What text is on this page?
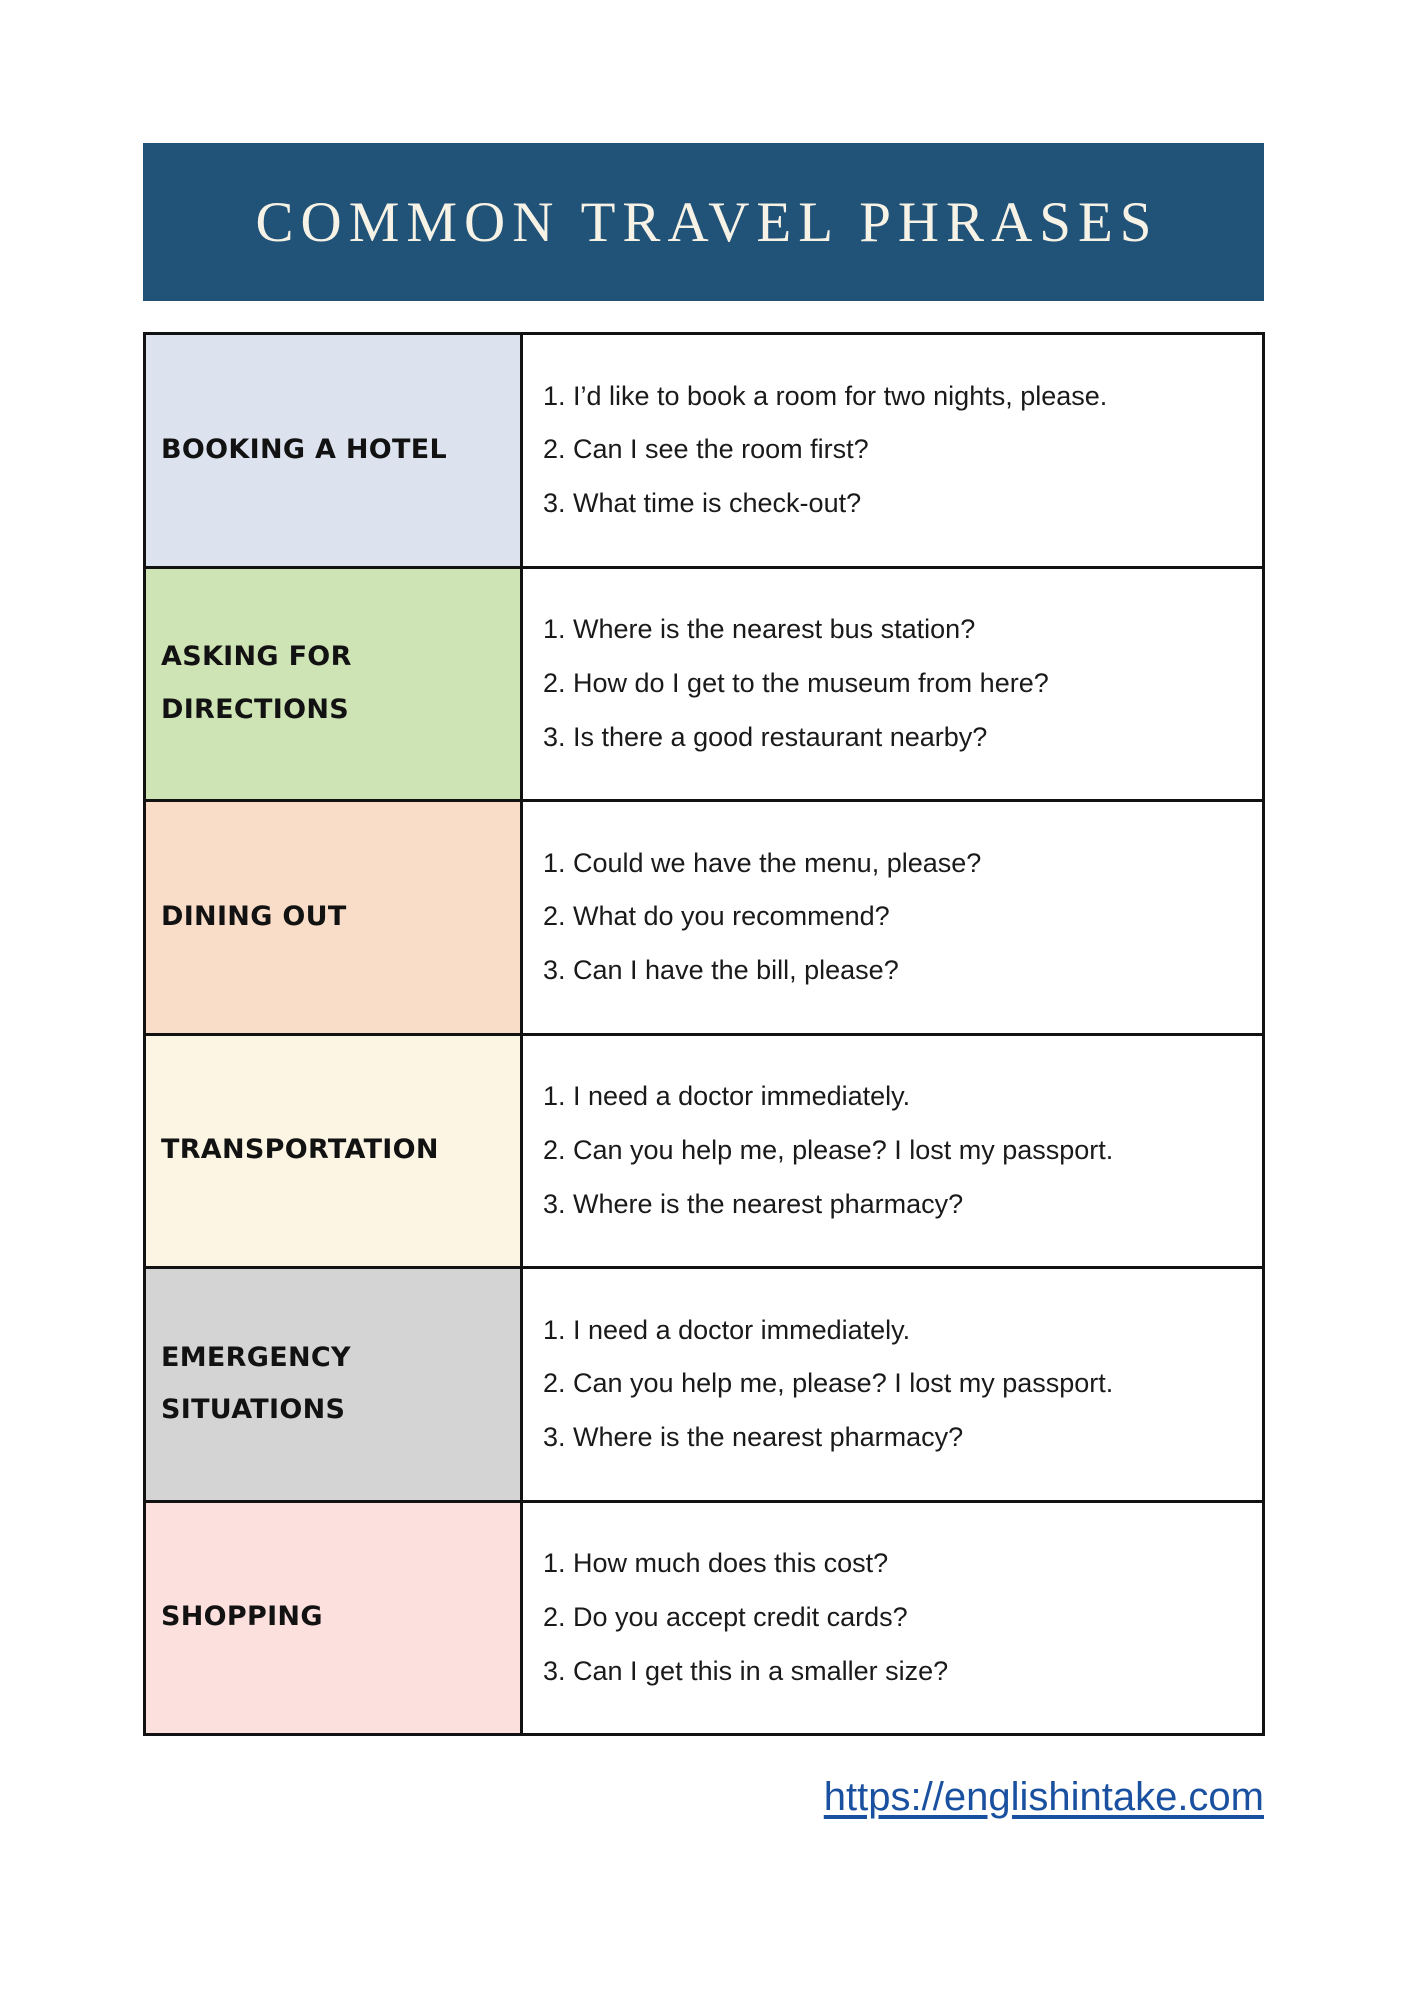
COMMON TRAVEL PHRASES
BOOKING A HOTEL

1. I’d like to book a room for two nights, please.
2. Can I see the room first?
3. What time is check-out?

ASKING FOR
DIRECTIONS

1. Where is the nearest bus station?
2. How do I get to the museum from here?
3. Is there a good restaurant nearby?

DINING OUT

1. Could we have the menu, please?
2. What do you recommend?
3. Can I have the bill, please?

TRANSPORTATION

1. I need a doctor immediately.
2. Can you help me, please? I lost my passport.
3. Where is the nearest pharmacy?

EMERGENCY
SITUATIONS

1. I need a doctor immediately.
2. Can you help me, please? I lost my passport.
3. Where is the nearest pharmacy?

SHOPPING

1. How much does this cost?
2. Do you accept credit cards?
3. Can I get this in a smaller size?
https://englishintake.com
